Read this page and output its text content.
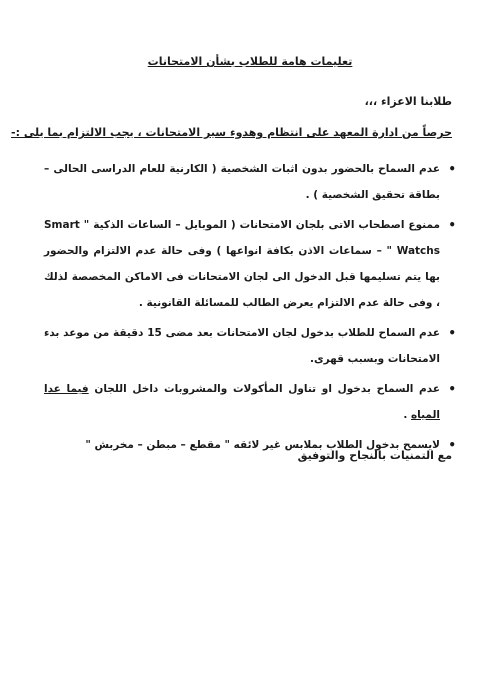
تعليمات هامة للطلاب بشأن الامتحانات
طلابنا الاعزاء ،،،
حرصاً من ادارة المعهد على انتظام وهدوء سير الامتحانات ، يجب الالتزام بما يلى :-
• عدم السماح بالحضور بدون اثبات الشخصية ( الكارنية للعام الدراسى الحالى – بطاقة تحقيق الشخصية ) .
• ممنوع اصطحاب الاتى بلجان الامتحانات ( الموبايل – الساعات الذكية " Smart Watchs " – سماعات الاذن بكافة انواعها ) وفى حالة عدم الالتزام والحضور بها يتم تسليمها قبل الدخول الى لجان الامتحانات فى الاماكن المخصصة لذلك ، وفى حالة عدم الالتزام يعرض الطالب للمسائلة القانونية .
• عدم السماح للطلاب بدخول لجان الامتحانات بعد مضى 15 دقيقة من موعد بدء الامتحانات وبسبب قهرى.
• عدم السماح بدخول او تناول المأكولات والمشروبات داخل اللجان فيما عدا المياه .
• لايسمح بدخول الطلاب بملابس غير لائقه " مقطع – مبطن – مخربش "
مع التمنيات بالنجاح والتوفيق
